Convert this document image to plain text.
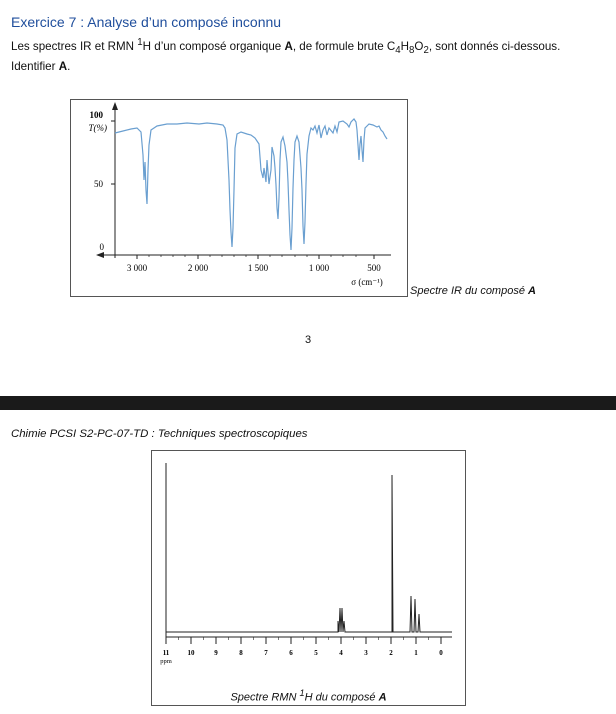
Exercice 7 : Analyse d’un composé inconnu
Les spectres IR et RMN $^1$H d’un composé organique A, de formule brute $C_4H_8O_2$, sont donnés ci-dessous.
Identifier A.
100
T(%)
50
0
3 000	2 000	1 500	1 000	500
σ (cm⁻¹)
Spectre IR du composé A
3
Chimie PCSI S2-PC-07-TD : Techniques spectroscopiques
11	10	9	8	7	6	5	4	3	2	1	0
ppm
Spectre RMN $^1$H du composé A
